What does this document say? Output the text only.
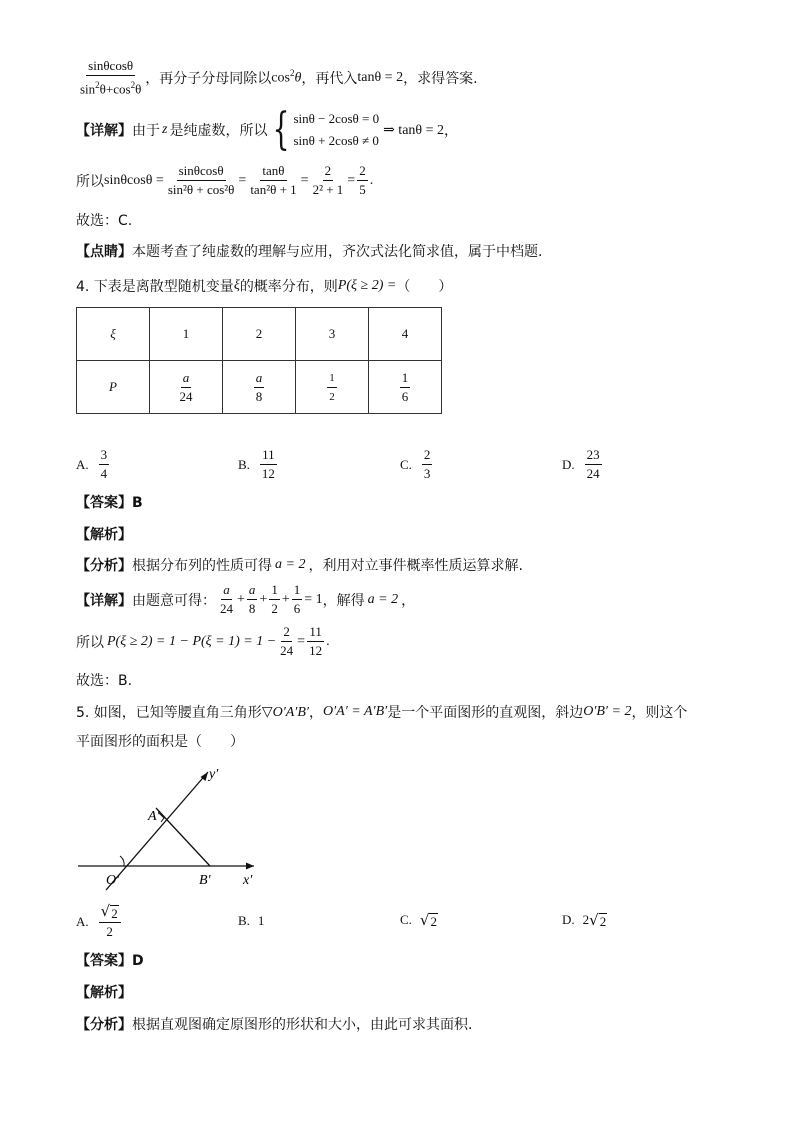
$\frac{\sin\theta\cos\theta}{\sin^2\theta+\cos^2\theta}$ ，再分子分母同除以 $\cos^2\theta$ ，再代入 tanθ = 2 ，求得答案.
【详解】 由于 z 是纯虚数，所以 { sinθ − 2cosθ = 0
sinθ + 2cosθ ≠ 0
⇒ tanθ = 2 ，
所以 $\sin\theta\cos\theta = \frac{\sin\theta\cos\theta}{\text{sin²θ + cos²θ}} = \frac{\tan\theta}{\text{tan²θ + 1}} = \frac{2}{\text{2² + 1}} = \frac{2}{5}$ .
故选：C.
【点睛】 本题考查了纯虚数的理解与应用，齐次式法化简求值，属于中档题.
4. 下表是离散型随机变量 ξ 的概率分布，则 P(ξ ≥ 2) = （　　）
ξ	1	2	3	4
P	$\frac{a}{24}$	$\frac{a}{8}$	$\frac{1}{2}$	$\frac{1}{6}$
A. $\frac{3}{4}$	B. $\frac{11}{12}$	C. $\frac{2}{3}$	D. $\frac{23}{24}$
【答案】B
【解析】
【分析】 根据分布列的性质可得 a = 2 ，利用对立事件概率性质运算求解.
【详解】 由题意可得： $\frac{a}{24} + \frac{a}{8} + \frac{1}{2} + \frac{1}{6} = 1$ ，解得 a = 2 ，
所以 $P(\xi \ge 2) = 1 - P(\xi = 1) = 1 - \frac{2}{24} = \frac{11}{12}$ .
故选：B.
5. 如图，已知等腰直角三角形 ▽O′A′B′ ， O′A′ = A′B′ 是一个平面图形的直观图，斜边 O′B′ = 2 ，则这个
平面图形的面积是（　　）
y′
A′
O′	B′ x′
A. $\frac{√ 2}{2}$	B. 1	C. √ 2	D. 2 √ 2
【答案】D
【解析】
【分析】 根据直观图确定原图形的形状和大小，由此可求其面积.
